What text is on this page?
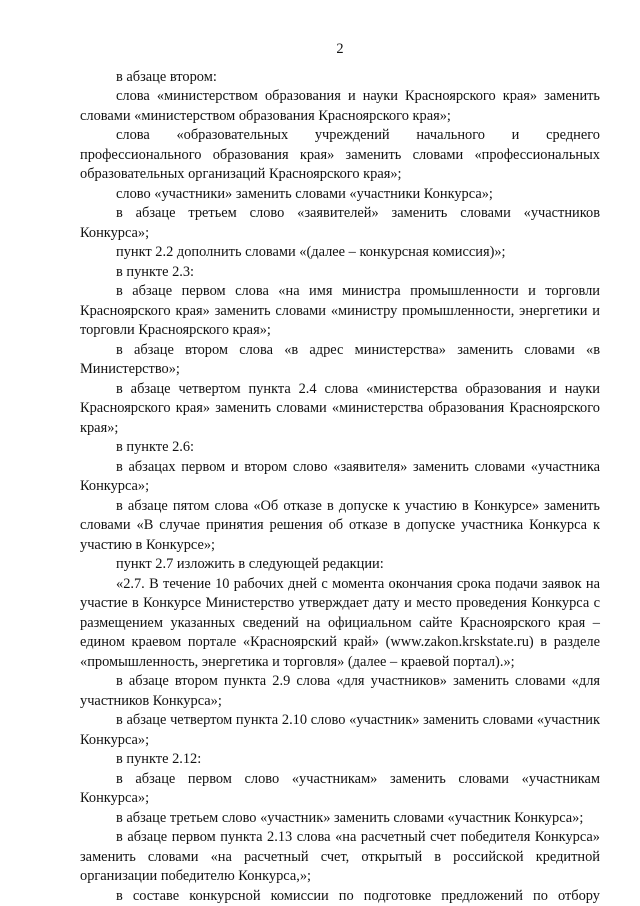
2

в абзаце втором:

слова «министерством образования и науки Красноярского края» заменить словами «министерством образования Красноярского края»;

слова «образовательных учреждений начального и среднего профессионального образования края» заменить словами «профессиональных образовательных организаций Красноярского края»;

слово «участники» заменить словами «участники Конкурса»;

в абзаце третьем слово «заявителей» заменить словами «участников Конкурса»;

пункт 2.2 дополнить словами «(далее – конкурсная комиссия)»;

в пункте 2.3:

в абзаце первом слова «на имя министра промышленности и торговли Красноярского края» заменить словами «министру промышленности, энергетики и торговли Красноярского края»;

в абзаце втором слова «в адрес министерства» заменить словами «в Министерство»;

в абзаце четвертом пункта 2.4 слова «министерства образования и науки Красноярского края» заменить словами «министерства образования Красноярского края»;

в пункте 2.6:

в абзацах первом и втором слово «заявителя» заменить словами «участника Конкурса»;

в абзаце пятом слова «Об отказе в допуске к участию в Конкурсе» заменить словами «В случае принятия решения об отказе в допуске участника Конкурса к участию в Конкурсе»;

пункт 2.7 изложить в следующей редакции:

«2.7. В течение 10 рабочих дней с момента окончания срока подачи заявок на участие в Конкурсе Министерство утверждает дату и место проведения Конкурса с размещением указанных сведений на официальном сайте Красноярского края – едином краевом портале «Красноярский край» (www.zakon.krskstate.ru) в разделе «промышленность, энергетика и торговля» (далее – краевой портал).»;

в абзаце втором пункта 2.9 слова «для участников» заменить словами «для участников Конкурса»;

в абзаце четвертом пункта 2.10 слово «участник» заменить словами «участник Конкурса»;

в пункте 2.12:

в абзаце первом слово «участникам» заменить словами «участникам Конкурса»;

в абзаце третьем слово «участник» заменить словами «участник Конкурса»;

в абзаце первом пункта 2.13 слова «на расчетный счет победителя Конкурса» заменить словами «на расчетный счет, открытый в российской кредитной организации победителю Конкурса,»;

в составе конкурсной комиссии по подготовке предложений по отбору
